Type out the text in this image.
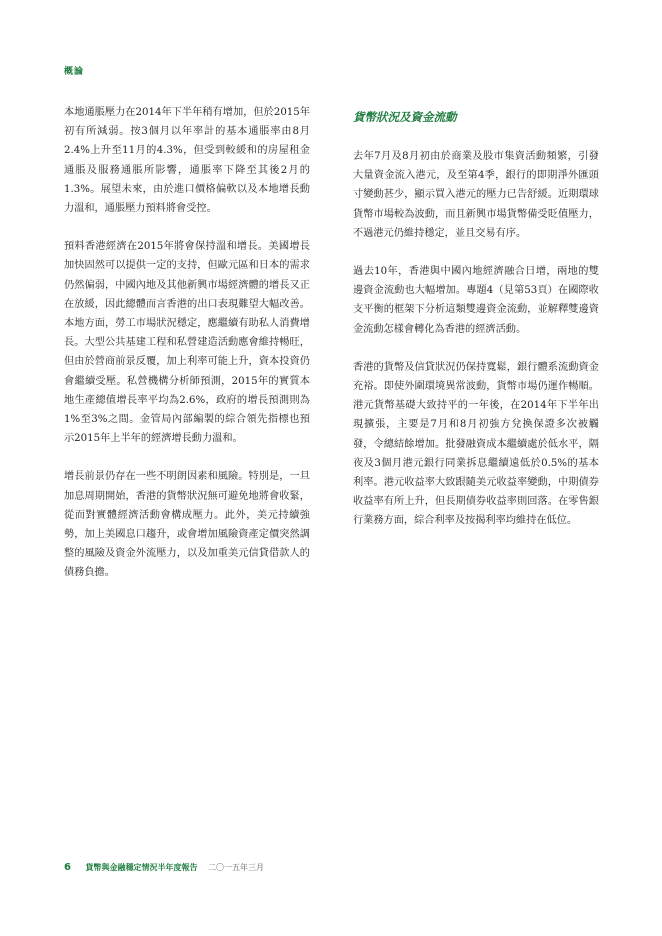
概論

本地通脹壓力在2014年下半年稍有增加，但於2015年初有所減弱。按3個月以年率計的基本通脹率由8月2.4%上升至11月的4.3%，但受到較緩和的房屋租金通脹及服務通脹所影響，通脹率下降至其後2月的1.3%。展望未來，由於進口價格偏軟以及本地增長動力溫和，通脹壓力預料將會受控。

預料香港經濟在2015年將會保持溫和增長。美國增長加快固然可以提供一定的支持，但歐元區和日本的需求仍然偏弱，中國內地及其他新興市場經濟體的增長又正在放緩，因此總體而言香港的出口表現難望大幅改善。本地方面，勞工市場狀況穩定，應繼續有助私人消費增長。大型公共基建工程和私營建造活動應會維持暢旺，但由於營商前景反覆，加上利率可能上升，資本投資仍會繼續受壓。私營機構分析師預測，2015年的實質本地生產總值增長率平均為2.6%，政府的增長預測則為1%至3%之間。金管局內部編製的綜合領先指標也預示2015年上半年的經濟增長動力溫和。

增長前景仍存在一些不明朗因素和風險。特別是，一旦加息周期開始，香港的貨幣狀況無可避免地將會收緊，從而對實體經濟活動會構成壓力。此外，美元持續強勢，加上美國息口趨升，或會增加風險資產定價突然調整的風險及資金外流壓力，以及加重美元信貸借款人的債務負擔。

貨幣狀況及資金流動

去年7月及8月初由於商業及股市集資活動頻繁，引發大量資金流入港元，及至第4季，銀行的即期淨外匯頭寸變動甚少，顯示買入港元的壓力已告舒緩。近期環球貨幣市場較為波動，而且新興市場貨幣備受貶值壓力，不過港元仍維持穩定，並且交易有序。

過去10年，香港與中國內地經濟融合日增，兩地的雙邊資金流動也大幅增加。專題4（見第53頁）在國際收支平衡的框架下分析這類雙邊資金流動，並解釋雙邊資金流動怎樣會轉化為香港的經濟活動。

香港的貨幣及信貸狀況仍保持寬鬆，銀行體系流動資金充裕。即使外圍環境異常波動，貨幣市場仍運作暢順。港元貨幣基礎大致持平的一年後，在2014年下半年出現擴張，主要是7月和8月初強方兌換保證多次被觸發，令總結餘增加。批發融資成本繼續處於低水平，隔夜及3個月港元銀行同業拆息繼續遠低於0.5%的基本利率。港元收益率大致跟隨美元收益率變動，中期債券收益率有所上升，但長期債券收益率則回落。在零售銀行業務方面，綜合利率及按揭利率均維持在低位。

6 貨幣與金融穩定情況半年度報告 二〇一五年三月
